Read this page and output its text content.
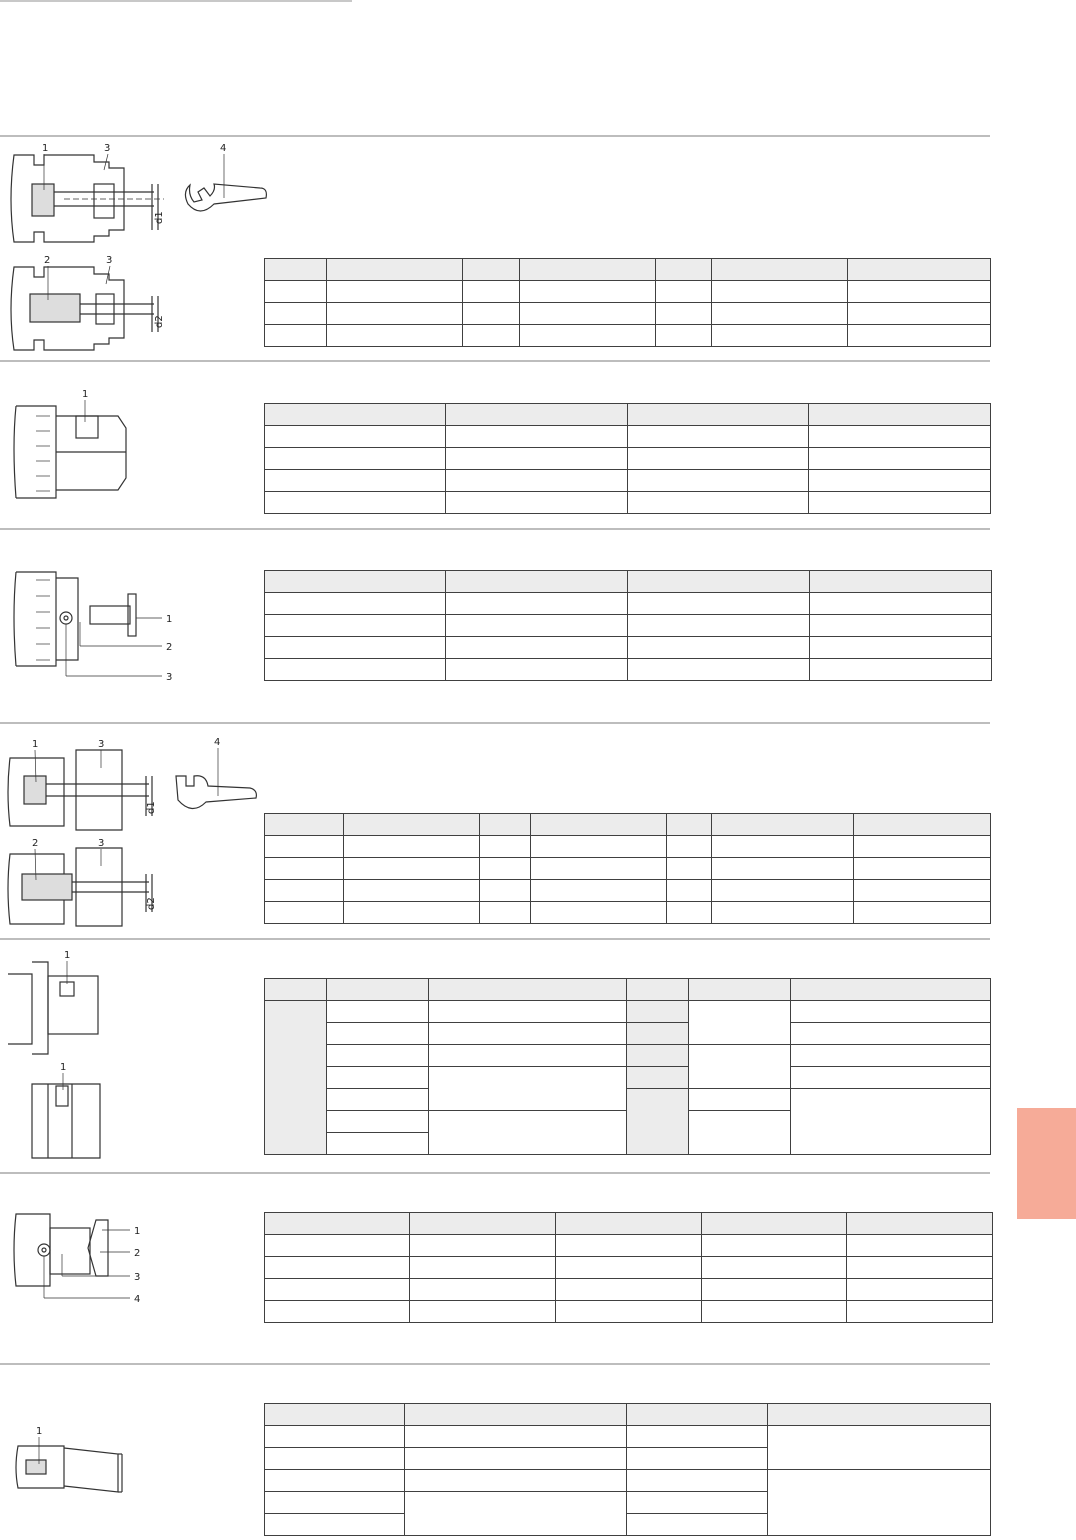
1	3
d1
4
2	3
d2

1

1
2
3

1	3
d1
4
2	3
d2

1
1

1
2
3
4

1
